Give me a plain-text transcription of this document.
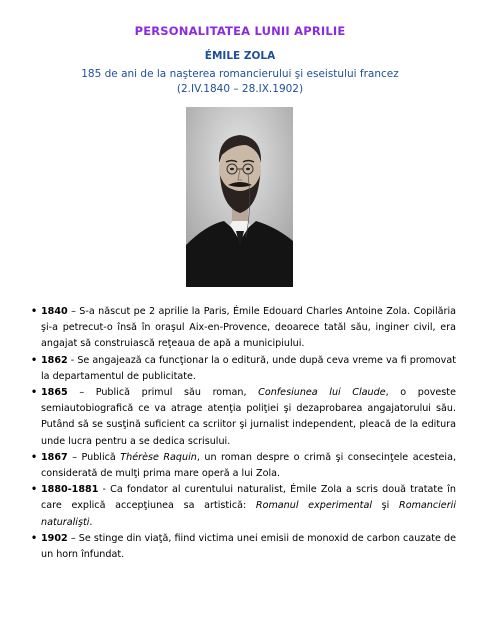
PERSONALITATEA LUNII APRILIE
ÉMILE ZOLA
185 de ani de la naşterea romancierului şi eseistului francez
(2.IV.1840 – 28.IX.1902)
• 1840 – S-a născut pe 2 aprilie la Paris, Émile Edouard Charles Antoine Zola. Copilăria şi-a petrecut-o însă în oraşul Aix-en-Provence, deoarece tatăl său, inginer civil, era angajat să construiască reţeaua de apă a municipiului.
• 1862 - Se angajează ca funcţionar la o editură, unde după ceva vreme va fi promovat la departamentul de publicitate.
• 1865 – Publică primul său roman, Confesiunea lui Claude, o poveste semiautobiografică ce va atrage atenţia poliţiei şi dezaprobarea angajatorului său. Putând să se susţină suficient ca scriitor şi jurnalist independent, pleacă de la editura unde lucra pentru a se dedica scrisului.
• 1867 – Publică Thérèse Raquin, un roman despre o crimă şi consecinţele acesteia, considerată de mulţi prima mare operă a lui Zola.
• 1880-1881 - Ca fondator al curentului naturalist, Émile Zola a scris două tratate în care explică accepţiunea sa artistică: Romanul experimental şi Romancierii naturalişti.
• 1902 – Se stinge din viaţă, fiind victima unei emisii de monoxid de carbon cauzate de un horn înfundat.
